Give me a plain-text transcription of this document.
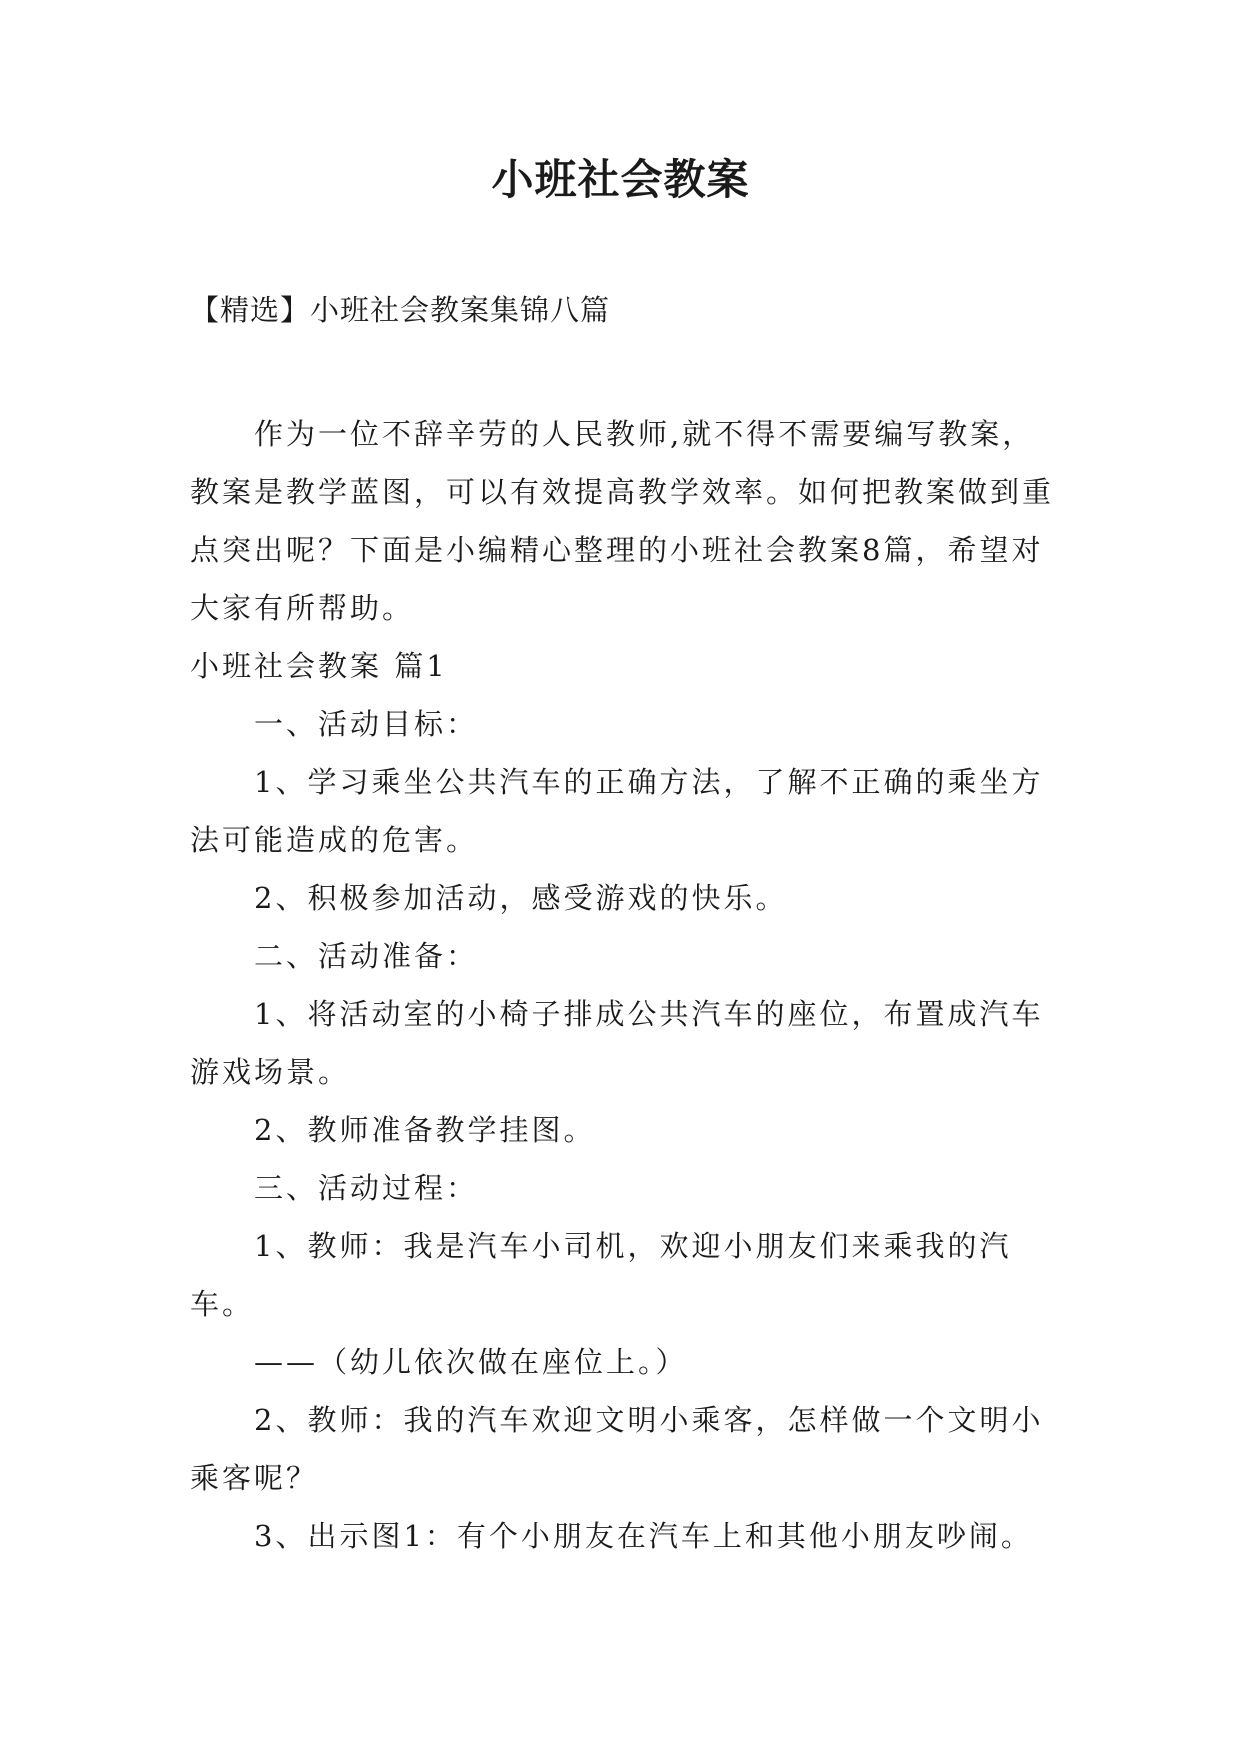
小班社会教案
【精选】小班社会教案集锦八篇

作为一位不辞辛劳的人民教师,就不得不需要编写教案，教案是教学蓝图，可以有效提高教学效率。如何把教案做到重点突出呢？下面是小编精心整理的小班社会教案8篇，希望对大家有所帮助。

小班社会教案 篇1

一、活动目标：

1、学习乘坐公共汽车的正确方法，了解不正确的乘坐方法可能造成的危害。

2、积极参加活动，感受游戏的快乐。

二、活动准备：

1、将活动室的小椅子排成公共汽车的座位，布置成汽车游戏场景。

2、教师准备教学挂图。

三、活动过程：

1、教师：我是汽车小司机，欢迎小朋友们来乘我的汽车。

——（幼儿依次做在座位上。）

2、教师：我的汽车欢迎文明小乘客，怎样做一个文明小乘客呢？

3、出示图1：有个小朋友在汽车上和其他小朋友吵闹。
